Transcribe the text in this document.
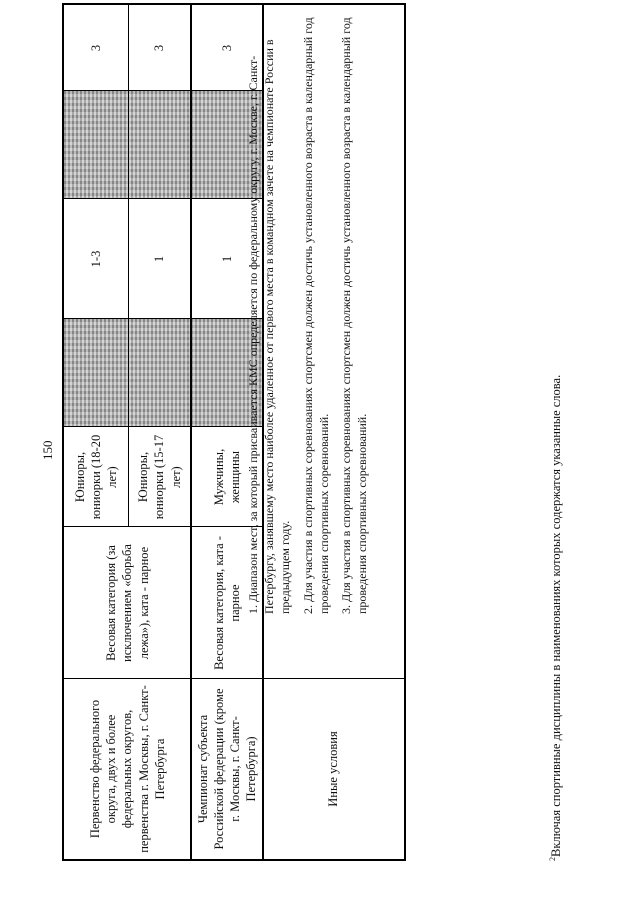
150
Первенство федерального округа, двух и более федеральных округов, первенства г. Москвы, г. Санкт-Петербурга
Весовая категория (за исключением «борьба лежа»), ката - парное
Юниоры, юниорки (18-20 лет)
1-3
3
Юниоры, юниорки (15-17 лет)
1
3
Чемпионат субъекта Российской федерации (кроме г. Москвы, г. Санкт-Петербурга)
Весовая категория, ката - парное
Мужчины, женщины
1
3
Иные условия

1. Диапазон мест, за который присваивается КМС определяется по федеральному округу, г. Москве, г. Санкт-Петербургу, занявшему место наиболее удаленное от первого места в командном зачете на чемпионате России в предыдущем году. 2. Для участия в спортивных соревнованиях спортсмен должен достичь установленного возраста в календарный год проведения спортивных соревнований. 3. Для участия в спортивных соревнованиях спортсмен должен достичь установленного возраста в календарный год проведения спортивных соревнований.

$^2$Включая спортивные дисциплины в наименованиях которых содержатся указанные слова.
